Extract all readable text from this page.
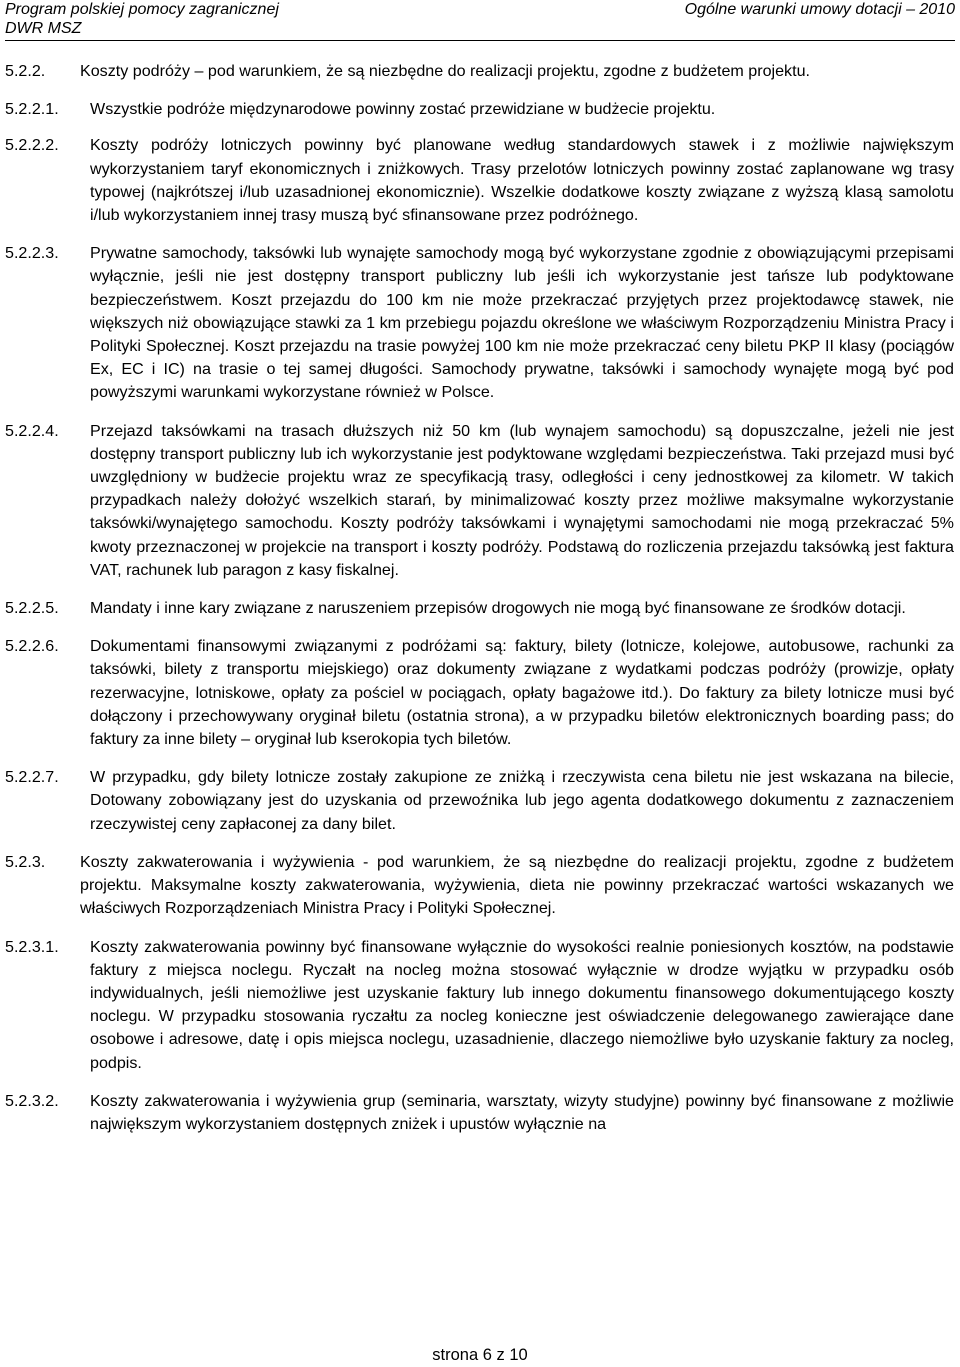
Program polskiej pomocy zagranicznej	Ogólne warunki umowy dotacji – 2010
DWR MSZ
5.2.2.	Koszty podróży – pod warunkiem, że są niezbędne do realizacji projektu, zgodne z budżetem projektu.
5.2.2.1.	Wszystkie podróże międzynarodowe powinny zostać przewidziane w budżecie projektu.
5.2.2.2.	Koszty podróży lotniczych powinny być planowane według standardowych stawek i z możliwie największym wykorzystaniem taryf ekonomicznych i zniżkowych. Trasy przelotów lotniczych powinny zostać zaplanowane wg trasy typowej (najkrótszej i/lub uzasadnionej ekonomicznie). Wszelkie dodatkowe koszty związane z wyższą klasą samolotu i/lub wykorzystaniem innej trasy muszą być sfinansowane przez podróżnego.
5.2.2.3.	Prywatne samochody, taksówki lub wynajęte samochody mogą być wykorzystane zgodnie z obowiązującymi przepisami wyłącznie, jeśli nie jest dostępny transport publiczny lub jeśli ich wykorzystanie jest tańsze lub podyktowane bezpieczeństwem. Koszt przejazdu do 100 km nie może przekraczać przyjętych przez projektodawcę stawek, nie większych niż obowiązujące stawki za 1 km przebiegu pojazdu określone we właściwym Rozporządzeniu Ministra Pracy i Polityki Społecznej. Koszt przejazdu na trasie powyżej 100 km nie może przekraczać ceny biletu PKP II klasy (pociągów Ex, EC i IC) na trasie o tej samej długości. Samochody prywatne, taksówki i samochody wynajęte mogą być pod powyższymi warunkami wykorzystane również w Polsce.
5.2.2.4.	Przejazd taksówkami na trasach dłuższych niż 50 km (lub wynajem samochodu) są dopuszczalne, jeżeli nie jest dostępny transport publiczny lub ich wykorzystanie jest podyktowane względami bezpieczeństwa. Taki przejazd musi być uwzględniony w budżecie projektu wraz ze specyfikacją trasy, odległości i ceny jednostkowej za kilometr. W takich przypadkach należy dołożyć wszelkich starań, by minimalizować koszty przez możliwe maksymalne wykorzystanie taksówki/wynajętego samochodu. Koszty podróży taksówkami i wynajętymi samochodami nie mogą przekraczać 5% kwoty przeznaczonej w projekcie na transport i koszty podróży. Podstawą do rozliczenia przejazdu taksówką jest faktura VAT, rachunek lub paragon z kasy fiskalnej.
5.2.2.5.	Mandaty i inne kary związane z naruszeniem przepisów drogowych nie mogą być finansowane ze środków dotacji.
5.2.2.6.	Dokumentami finansowymi związanymi z podróżami są: faktury, bilety (lotnicze, kolejowe, autobusowe, rachunki za taksówki, bilety z transportu miejskiego) oraz dokumenty związane z wydatkami podczas podróży (prowizje, opłaty rezerwacyjne, lotniskowe, opłaty za pościel w pociągach, opłaty bagażowe itd.). Do faktury za bilety lotnicze musi być dołączony i przechowywany oryginał biletu (ostatnia strona), a w przypadku biletów elektronicznych boarding pass; do faktury za inne bilety – oryginał lub kserokopia tych biletów.
5.2.2.7.	W przypadku, gdy bilety lotnicze zostały zakupione ze zniżką i rzeczywista cena biletu nie jest wskazana na bilecie, Dotowany zobowiązany jest do uzyskania od przewoźnika lub jego agenta dodatkowego dokumentu z zaznaczeniem rzeczywistej ceny zapłaconej za dany bilet.
5.2.3.	Koszty zakwaterowania i wyżywienia - pod warunkiem, że są niezbędne do realizacji projektu, zgodne z budżetem projektu. Maksymalne koszty zakwaterowania, wyżywienia, dieta nie powinny przekraczać wartości wskazanych we właściwych Rozporządzeniach Ministra Pracy i Polityki Społecznej.
5.2.3.1.	Koszty zakwaterowania powinny być finansowane wyłącznie do wysokości realnie poniesionych kosztów, na podstawie faktury z miejsca noclegu. Ryczałt na nocleg można stosować wyłącznie w drodze wyjątku w przypadku osób indywidualnych, jeśli niemożliwe jest uzyskanie faktury lub innego dokumentu finansowego dokumentującego koszty noclegu. W przypadku stosowania ryczałtu za nocleg konieczne jest oświadczenie delegowanego zawierające dane osobowe i adresowe, datę i opis miejsca noclegu, uzasadnienie, dlaczego niemożliwe było uzyskanie faktury za nocleg, podpis.
5.2.3.2.	Koszty zakwaterowania i wyżywienia grup (seminaria, warsztaty, wizyty studyjne) powinny być finansowane z możliwie największym wykorzystaniem dostępnych zniżek i upustów wyłącznie na
strona 6 z 10
